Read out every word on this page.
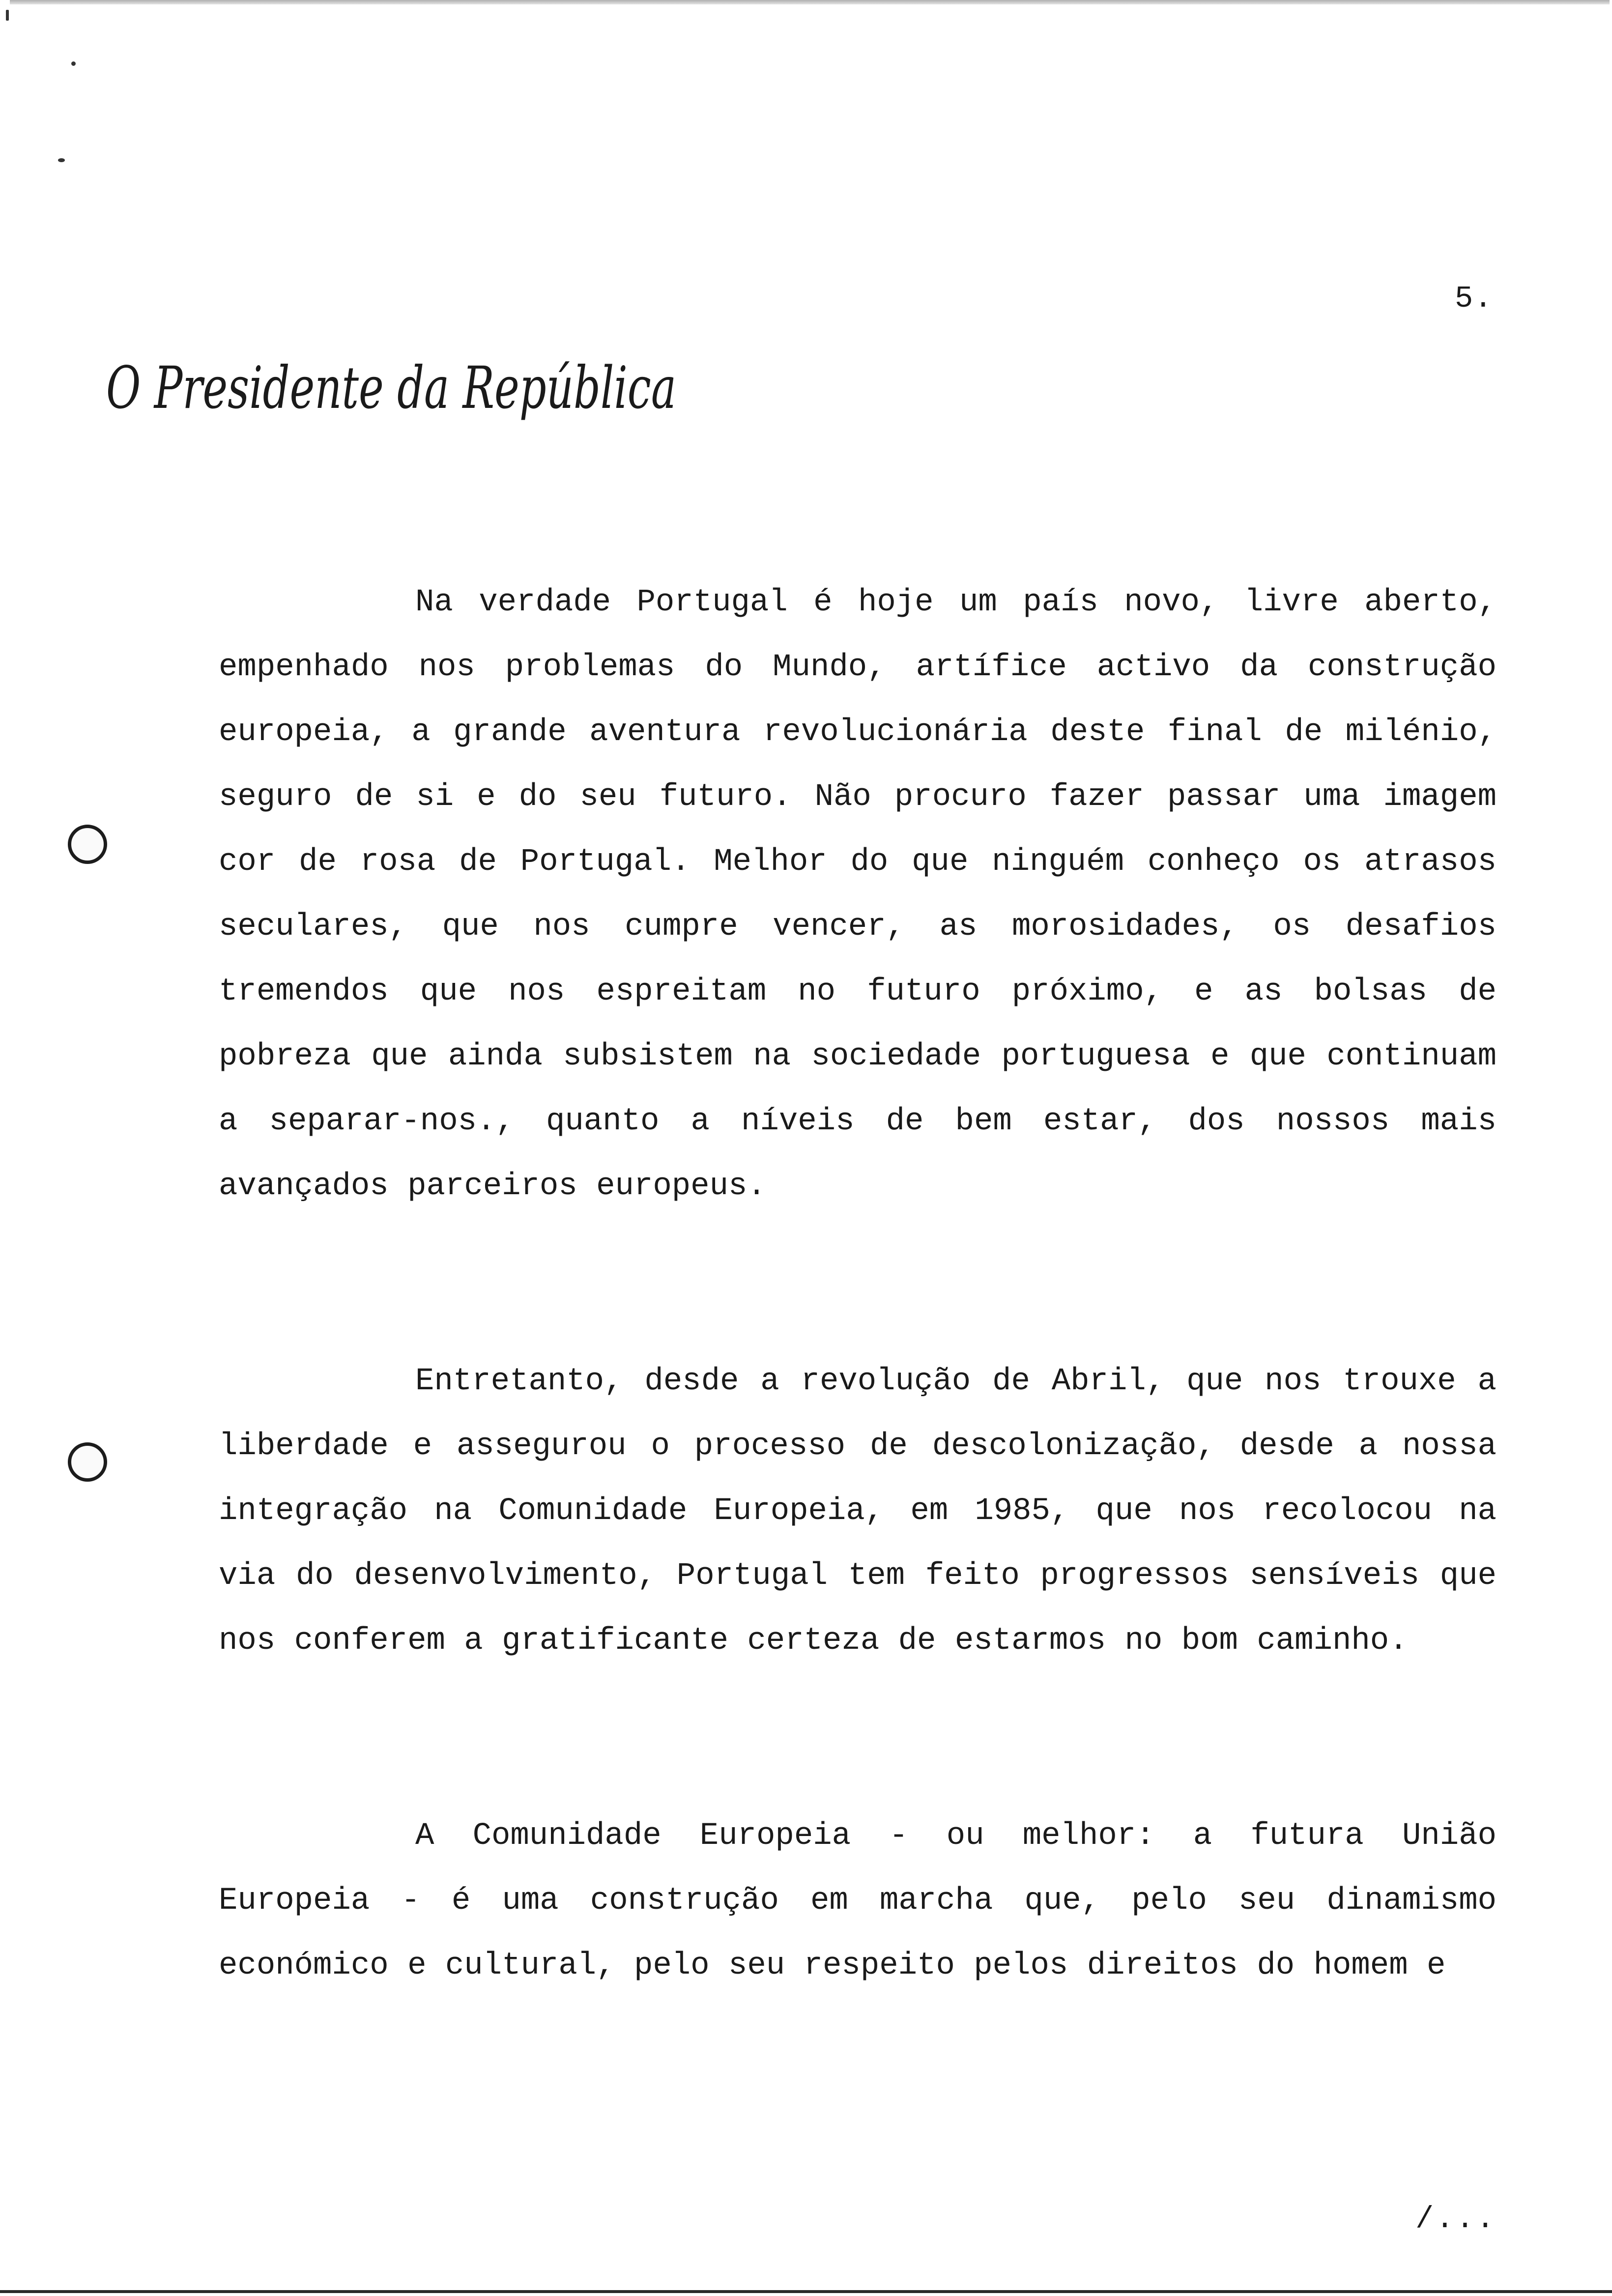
5.
O Presidente da República

Na verdade Portugal é hoje um país novo, livre aberto, empenhado nos problemas do Mundo, artífice activo da construção europeia, a grande aventura revolucionária deste final de milénio, seguro de si e do seu futuro. Não procuro fazer passar uma imagem cor de rosa de Portugal. Melhor do que ninguém conheço os atrasos seculares, que nos cumpre vencer, as morosidades, os desafios tremendos que nos espreitam no futuro próximo, e as bolsas de pobreza que ainda subsistem na sociedade portuguesa e que continuam a separar-nos., quanto a níveis de bem estar, dos nossos mais avançados parceiros europeus.

Entretanto, desde a revolução de Abril, que nos trouxe a liberdade e assegurou o processo de descolonização, desde a nossa integração na Comunidade Europeia, em 1985, que nos recolocou na via do desenvolvimento, Portugal tem feito progressos sensíveis que nos conferem a gratificante certeza de estarmos no bom caminho.

A Comunidade Europeia - ou melhor: a futura União Europeia - é uma construção em marcha que, pelo seu dinamismo económico e cultural, pelo seu respeito pelos direitos do homem e

/...
